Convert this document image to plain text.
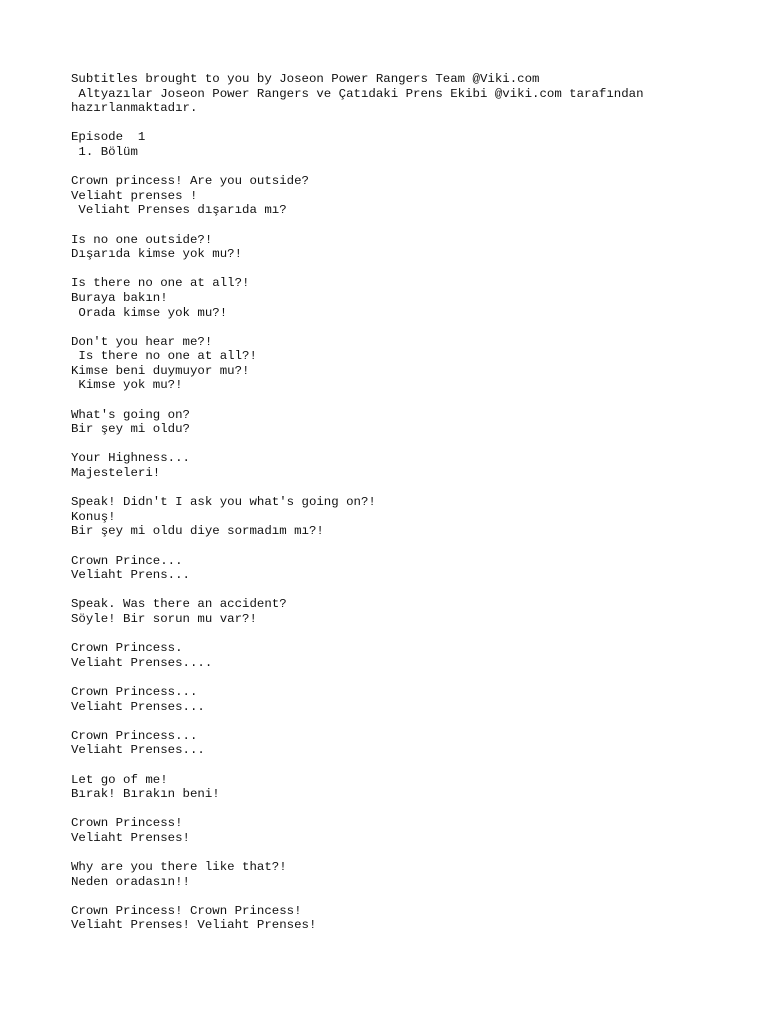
Subtitles brought to you by Joseon Power Rangers Team @Viki.com
Altyazılar Joseon Power Rangers ve Çatıdaki Prens Ekibi @viki.com tarafından
hazırlanmaktadır.
Episode  1
1. Bölüm
Crown princess! Are you outside?
Veliaht prenses !
Veliaht Prenses dışarıda mı?
Is no one outside?!
Dışarıda kimse yok mu?!
Is there no one at all?!
Buraya bakın!
Orada kimse yok mu?!
Don't you hear me?!
Is there no one at all?!
Kimse beni duymuyor mu?!
Kimse yok mu?!
What's going on?
Bir şey mi oldu?
Your Highness...
Majesteleri!
Speak! Didn't I ask you what's going on?!
Konuş!
Bir şey mi oldu diye sormadım mı?!
Crown Prince...
Veliaht Prens...
Speak. Was there an accident?
Söyle! Bir sorun mu var?!
Crown Princess.
Veliaht Prenses....
Crown Princess...
Veliaht Prenses...
Crown Princess...
Veliaht Prenses...
Let go of me!
Bırak! Bırakın beni!
Crown Princess!
Veliaht Prenses!
Why are you there like that?!
Neden oradasın!!
Crown Princess! Crown Princess!
Veliaht Prenses! Veliaht Prenses!
